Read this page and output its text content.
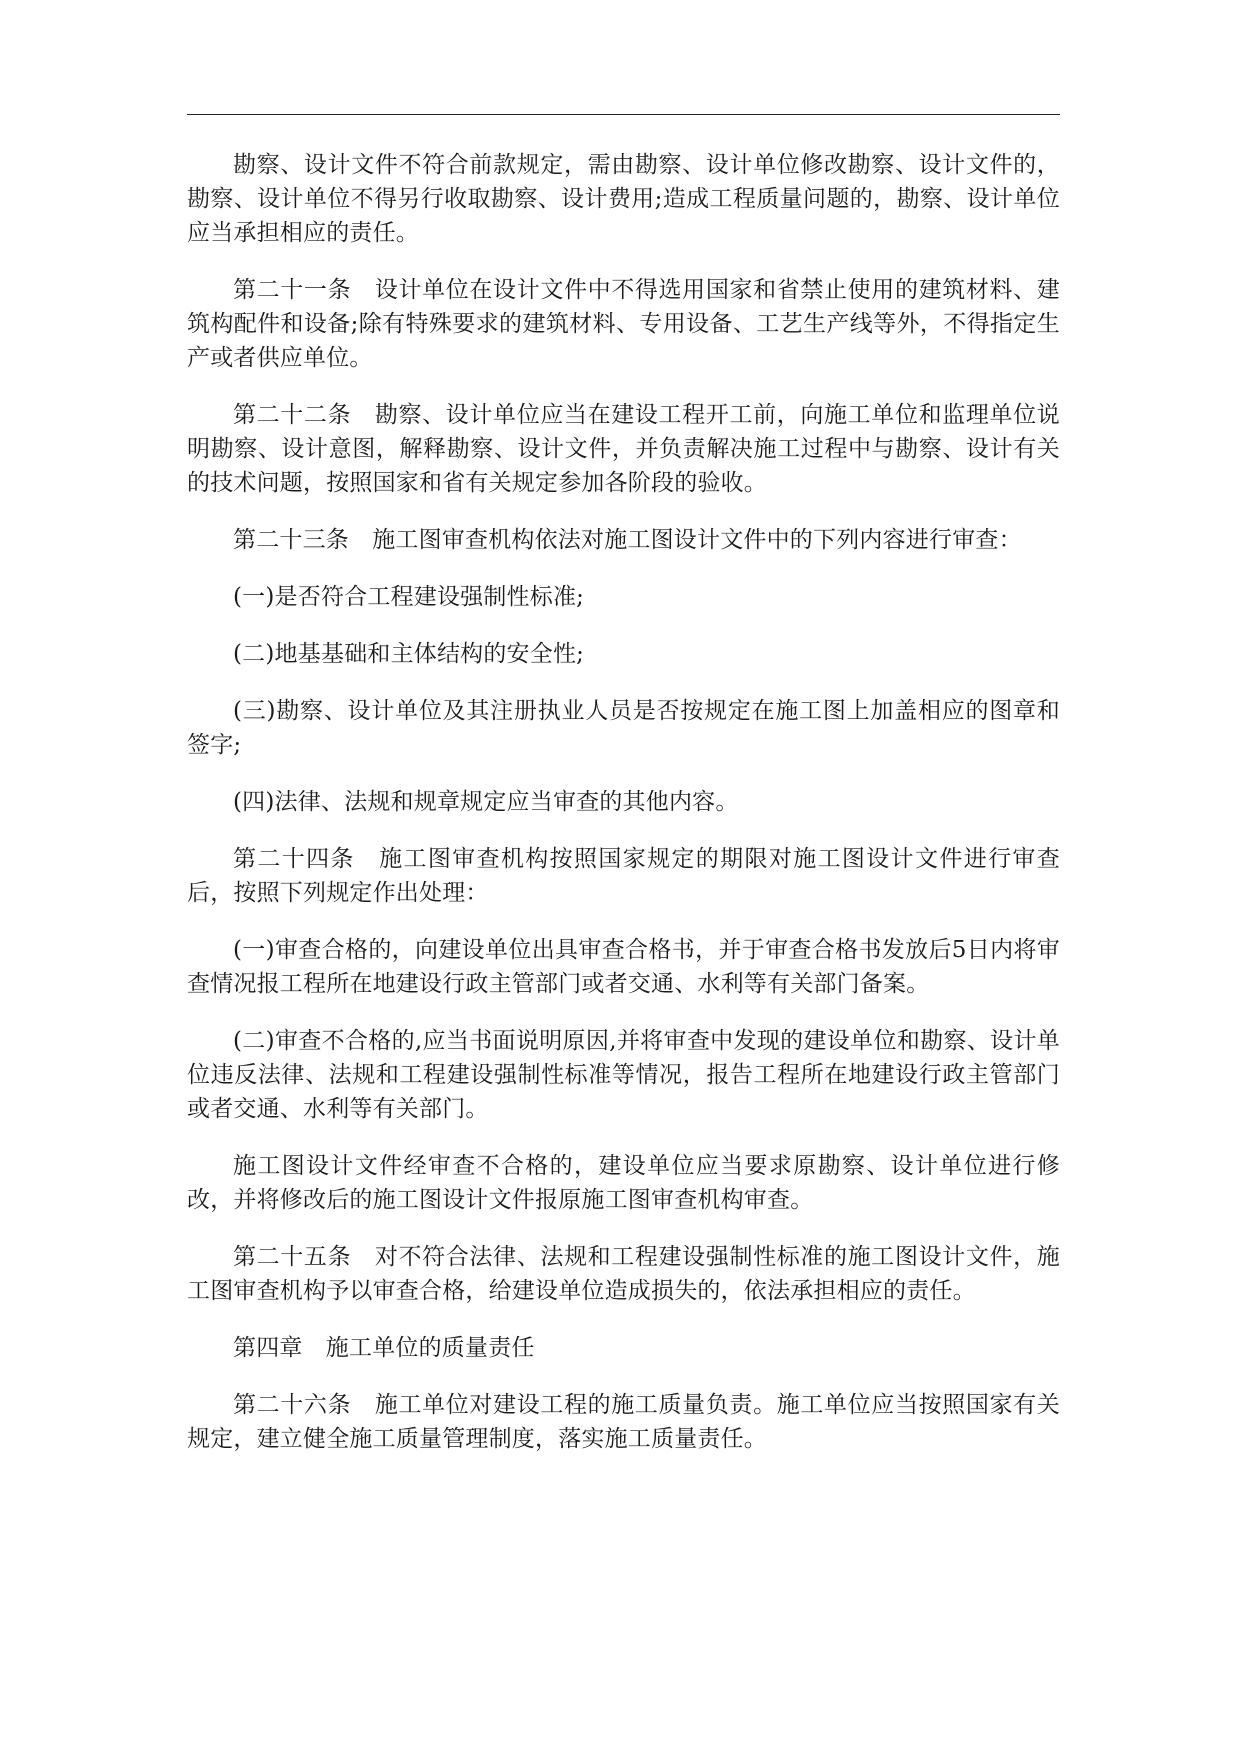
勘察、设计文件不符合前款规定，需由勘察、设计单位修改勘察、设计文件的，勘察、设计单位不得另行收取勘察、设计费用;造成工程质量问题的，勘察、设计单位应当承担相应的责任。

第二十一条　设计单位在设计文件中不得选用国家和省禁止使用的建筑材料、建筑构配件和设备;除有特殊要求的建筑材料、专用设备、工艺生产线等外，不得指定生产或者供应单位。

第二十二条　勘察、设计单位应当在建设工程开工前，向施工单位和监理单位说明勘察、设计意图，解释勘察、设计文件，并负责解决施工过程中与勘察、设计有关的技术问题，按照国家和省有关规定参加各阶段的验收。

第二十三条　施工图审查机构依法对施工图设计文件中的下列内容进行审查：

(一)是否符合工程建设强制性标准;

(二)地基基础和主体结构的安全性;

(三)勘察、设计单位及其注册执业人员是否按规定在施工图上加盖相应的图章和签字;

(四)法律、法规和规章规定应当审查的其他内容。

第二十四条　施工图审查机构按照国家规定的期限对施工图设计文件进行审查后，按照下列规定作出处理：

(一)审查合格的，向建设单位出具审查合格书，并于审查合格书发放后5日内将审查情况报工程所在地建设行政主管部门或者交通、水利等有关部门备案。

(二)审查不合格的,应当书面说明原因,并将审查中发现的建设单位和勘察、设计单位违反法律、法规和工程建设强制性标准等情况，报告工程所在地建设行政主管部门或者交通、水利等有关部门。

施工图设计文件经审查不合格的，建设单位应当要求原勘察、设计单位进行修改，并将修改后的施工图设计文件报原施工图审查机构审查。

第二十五条　对不符合法律、法规和工程建设强制性标准的施工图设计文件，施工图审查机构予以审查合格，给建设单位造成损失的，依法承担相应的责任。

第四章　施工单位的质量责任

第二十六条　施工单位对建设工程的施工质量负责。施工单位应当按照国家有关规定，建立健全施工质量管理制度，落实施工质量责任。
